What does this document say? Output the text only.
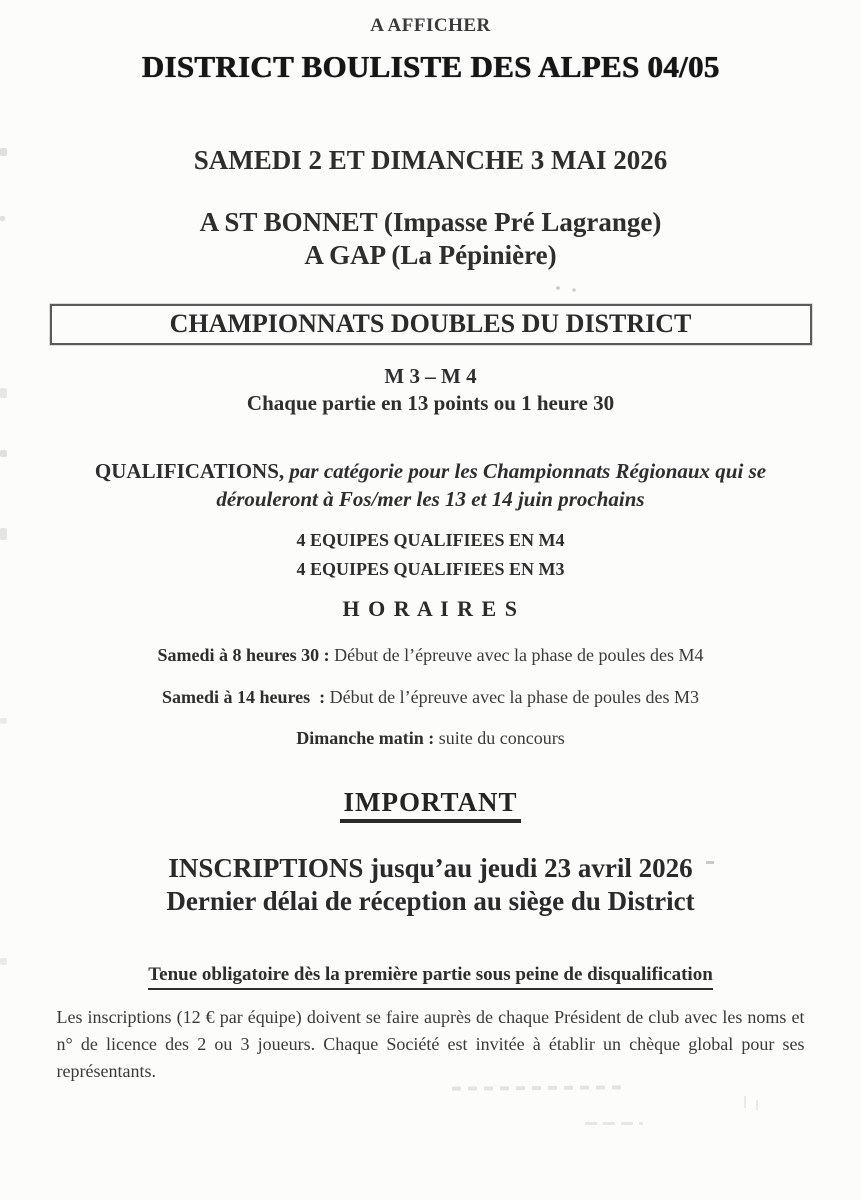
A AFFICHER
DISTRICT BOULISTE DES ALPES 04/05
SAMEDI 2 ET DIMANCHE 3 MAI 2026
A ST BONNET (Impasse Pré Lagrange)
A GAP (La Pépinière)
CHAMPIONNATS DOUBLES DU DISTRICT
M 3 – M 4
Chaque partie en 13 points ou 1 heure 30
QUALIFICATIONS, par catégorie pour les Championnats Régionaux qui se
dérouleront à Fos/mer les 13 et 14 juin prochains
4 EQUIPES QUALIFIEES EN M4
4 EQUIPES QUALIFIEES EN M3
H O R A I R E S
Samedi à 8 heures 30 : Début de l’épreuve avec la phase de poules des M4
Samedi à 14 heures  : Début de l’épreuve avec la phase de poules des M3
Dimanche matin : suite du concours
IMPORTANT
INSCRIPTIONS jusqu’au jeudi 23 avril 2026
Dernier délai de réception au siège du District
Tenue obligatoire dès la première partie sous peine de disqualification
Les inscriptions (12 € par équipe) doivent se faire auprès de chaque Président de club avec les noms et n° de licence des 2 ou 3 joueurs. Chaque Société est invitée à établir un chèque global pour ses représentants.
